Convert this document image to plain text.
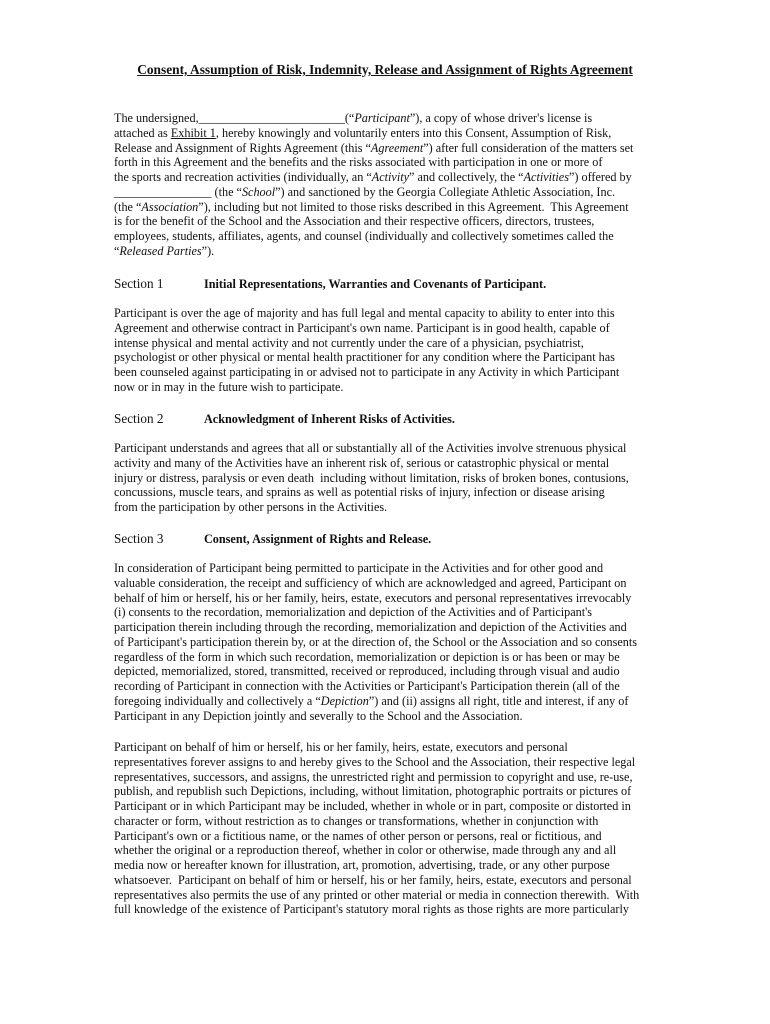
Consent, Assumption of Risk, Indemnity, Release and Assignment of Rights Agreement
The undersigned,________________________(“Participant”), a copy of whose driver's license is
attached as Exhibit 1, hereby knowingly and voluntarily enters into this Consent, Assumption of Risk,
Release and Assignment of Rights Agreement (this “Agreement”) after full consideration of the matters set
forth in this Agreement and the benefits and the risks associated with participation in one or more of
the sports and recreation activities (individually, an “Activity” and collectively, the “Activities”) offered by
________________ (the “School”) and sanctioned by the Georgia Collegiate Athletic Association, Inc.
(the “Association”), including but not limited to those risks described in this Agreement.  This Agreement
is for the benefit of the School and the Association and their respective officers, directors, trustees,
employees, students, affiliates, agents, and counsel (individually and collectively sometimes called the
“Released Parties”).
Section 1	Initial Representations, Warranties and Covenants of Participant.
Participant is over the age of majority and has full legal and mental capacity to ability to enter into this
Agreement and otherwise contract in Participant's own name. Participant is in good health, capable of
intense physical and mental activity and not currently under the care of a physician, psychiatrist,
psychologist or other physical or mental health practitioner for any condition where the Participant has
been counseled against participating in or advised not to participate in any Activity in which Participant
now or in may in the future wish to participate.
Section 2	Acknowledgment of Inherent Risks of Activities.
Participant understands and agrees that all or substantially all of the Activities involve strenuous physical
activity and many of the Activities have an inherent risk of, serious or catastrophic physical or mental
injury or distress, paralysis or even death  including without limitation, risks of broken bones, contusions,
concussions, muscle tears, and sprains as well as potential risks of injury, infection or disease arising
from the participation by other persons in the Activities.
Section 3	Consent, Assignment of Rights and Release.
In consideration of Participant being permitted to participate in the Activities and for other good and
valuable consideration, the receipt and sufficiency of which are acknowledged and agreed, Participant on
behalf of him or herself, his or her family, heirs, estate, executors and personal representatives irrevocably
(i) consents to the recordation, memorialization and depiction of the Activities and of Participant's
participation therein including through the recording, memorialization and depiction of the Activities and
of Participant's participation therein by, or at the direction of, the School or the Association and so consents
regardless of the form in which such recordation, memorialization or depiction is or has been or may be
depicted, memorialized, stored, transmitted, received or reproduced, including through visual and audio
recording of Participant in connection with the Activities or Participant's Participation therein (all of the
foregoing individually and collectively a “Depiction”) and (ii) assigns all right, title and interest, if any of
Participant in any Depiction jointly and severally to the School and the Association.
Participant on behalf of him or herself, his or her family, heirs, estate, executors and personal
representatives forever assigns to and hereby gives to the School and the Association, their respective legal
representatives, successors, and assigns, the unrestricted right and permission to copyright and use, re-use,
publish, and republish such Depictions, including, without limitation, photographic portraits or pictures of
Participant or in which Participant may be included, whether in whole or in part, composite or distorted in
character or form, without restriction as to changes or transformations, whether in conjunction with
Participant's own or a fictitious name, or the names of other person or persons, real or fictitious, and
whether the original or a reproduction thereof, whether in color or otherwise, made through any and all
media now or hereafter known for illustration, art, promotion, advertising, trade, or any other purpose
whatsoever.  Participant on behalf of him or herself, his or her family, heirs, estate, executors and personal
representatives also permits the use of any printed or other material or media in connection therewith.  With
full knowledge of the existence of Participant's statutory moral rights as those rights are more particularly
